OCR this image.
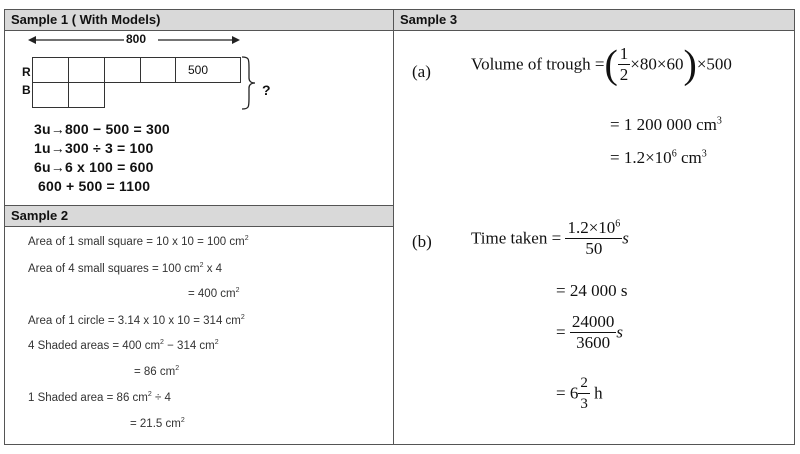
Sample 1 ( With Models)	Sample 3
Sample 2
800
R
B
500
?
3u→800 − 500 = 300
1u→300 ÷ 3 = 100
6u→6 x 100 = 600
600 + 500 = 1100
Area of 1 small square = 10 x 10 = 100 $cm^2$
Area of 4 small squares = 100 $cm^2$ x 4
= 400 $cm^2$
Area of 1 circle = 3.14 x 10 x 10 = 314 $cm^2$
4 Shaded areas = 400 $cm^2 - 314$ $cm^2$
= 86 $cm^2$
1 Shaded area = 86 $cm^2 \div 4$
= 21.5 $cm^2$
(a) Volume of trough =( $\frac{1}{2} \times 80\times 60)\times 500$
= 1 200 000 $cm^3$
= $1.2\times 10^6$ $cm^3$
(b) Time taken = $\frac{1.2\times 10^6}{50}$ s
= 24 000 s
= $\frac{24000}{3600}$ s
= $6 \frac{2}{3}$ h
